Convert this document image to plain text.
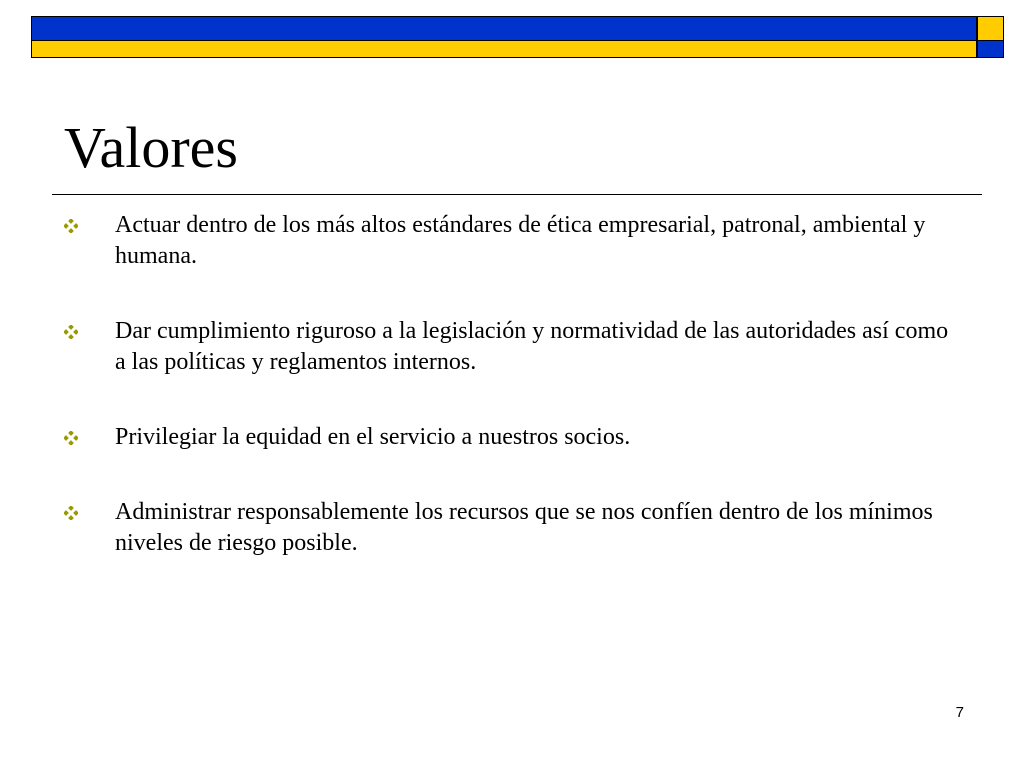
Valores
Actuar dentro de los más altos estándares de ética empresarial, patronal, ambiental y humana.
Dar cumplimiento riguroso a la legislación y normatividad de las autoridades así como a las políticas y reglamentos internos.
Privilegiar la equidad en el servicio a nuestros socios.
Administrar responsablemente los recursos que se nos confíen dentro de los mínimos niveles de riesgo posible.
7
